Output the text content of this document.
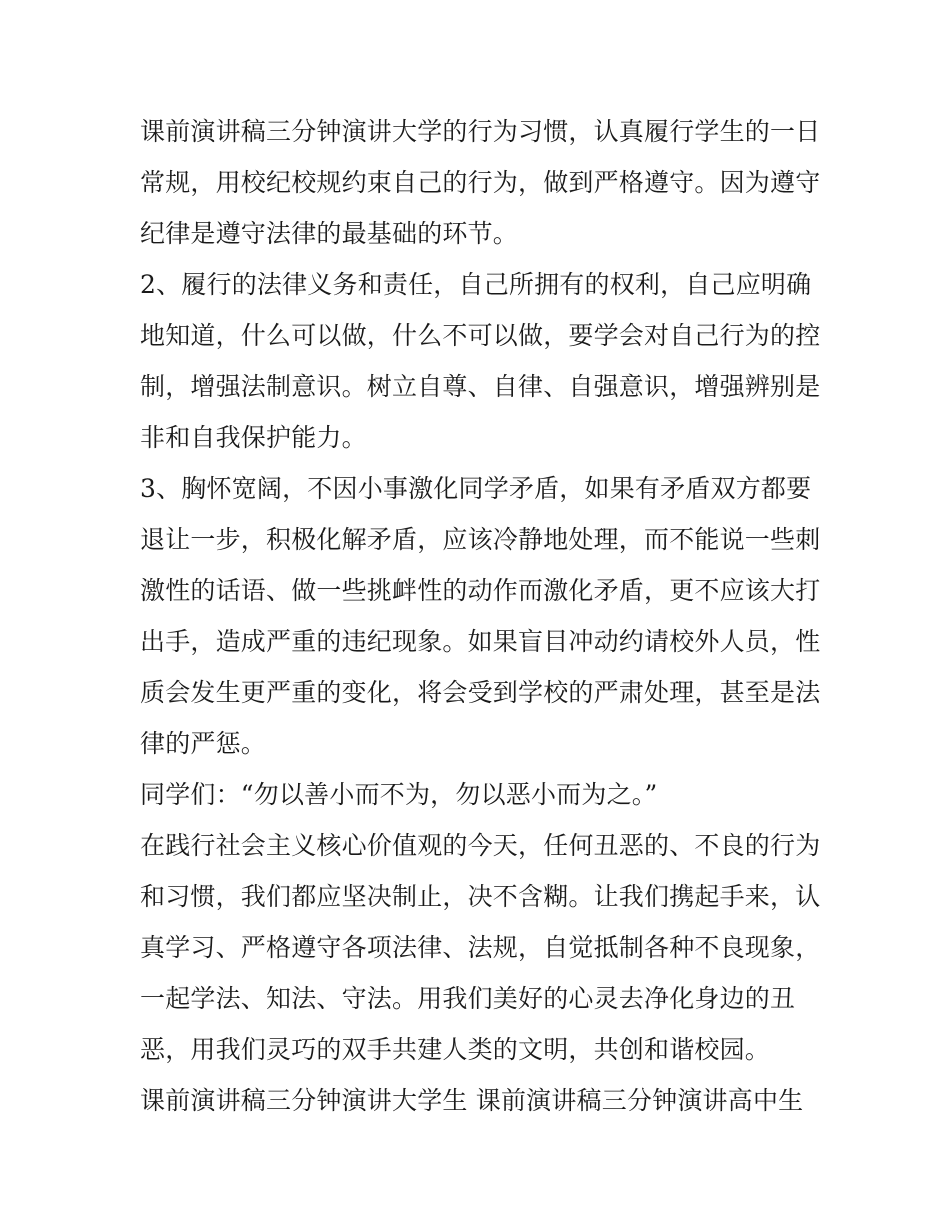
课前演讲稿三分钟演讲大学的行为习惯，认真履行学生的一日
常规，用校纪校规约束自己的行为，做到严格遵守。因为遵守
纪律是遵守法律的最基础的环节。
2、履行的法律义务和责任，自己所拥有的权利，自己应明确
地知道，什么可以做，什么不可以做，要学会对自己行为的控
制，增强法制意识。树立自尊、自律、自强意识，增强辨别是
非和自我保护能力。
3、胸怀宽阔，不因小事激化同学矛盾，如果有矛盾双方都要
退让一步，积极化解矛盾，应该冷静地处理，而不能说一些刺
激性的话语、做一些挑衅性的动作而激化矛盾，更不应该大打
出手，造成严重的违纪现象。如果盲目冲动约请校外人员，性
质会发生更严重的变化，将会受到学校的严肃处理，甚至是法
律的严惩。
同学们：“勿以善小而不为，勿以恶小而为之。”
在践行社会主义核心价值观的今天，任何丑恶的、不良的行为
和习惯，我们都应坚决制止，决不含糊。让我们携起手来，认
真学习、严格遵守各项法律、法规，自觉抵制各种不良现象，
一起学法、知法、守法。用我们美好的心灵去净化身边的丑
恶，用我们灵巧的双手共建人类的文明，共创和谐校园。
课前演讲稿三分钟演讲大学生 课前演讲稿三分钟演讲高中生
